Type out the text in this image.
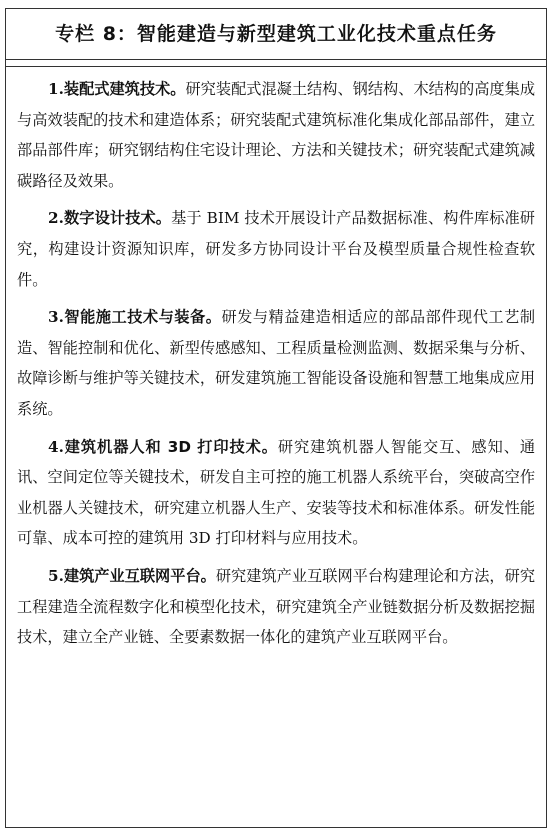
专栏 8：智能建造与新型建筑工业化技术重点任务

1.装配式建筑技术。研究装配式混凝土结构、钢结构、木结构的高度集成与高效装配的技术和建造体系；研究装配式建筑标准化集成化部品部件，建立部品部件库；研究钢结构住宅设计理论、方法和关键技术；研究装配式建筑减碳路径及效果。

2.数字设计技术。基于 BIM 技术开展设计产品数据标准、构件库标准研究，构建设计资源知识库，研发多方协同设计平台及模型质量合规性检查软件。

3.智能施工技术与装备。研发与精益建造相适应的部品部件现代工艺制造、智能控制和优化、新型传感感知、工程质量检测监测、数据采集与分析、故障诊断与维护等关键技术，研发建筑施工智能设备设施和智慧工地集成应用系统。

4.建筑机器人和 3D 打印技术。研究建筑机器人智能交互、感知、通讯、空间定位等关键技术，研发自主可控的施工机器人系统平台，突破高空作业机器人关键技术，研究建立机器人生产、安装等技术和标准体系。研发性能可靠、成本可控的建筑用 3D 打印材料与应用技术。

5.建筑产业互联网平台。研究建筑产业互联网平台构建理论和方法，研究工程建造全流程数字化和模型化技术，研究建筑全产业链数据分析及数据挖掘技术，建立全产业链、全要素数据一体化的建筑产业互联网平台。
